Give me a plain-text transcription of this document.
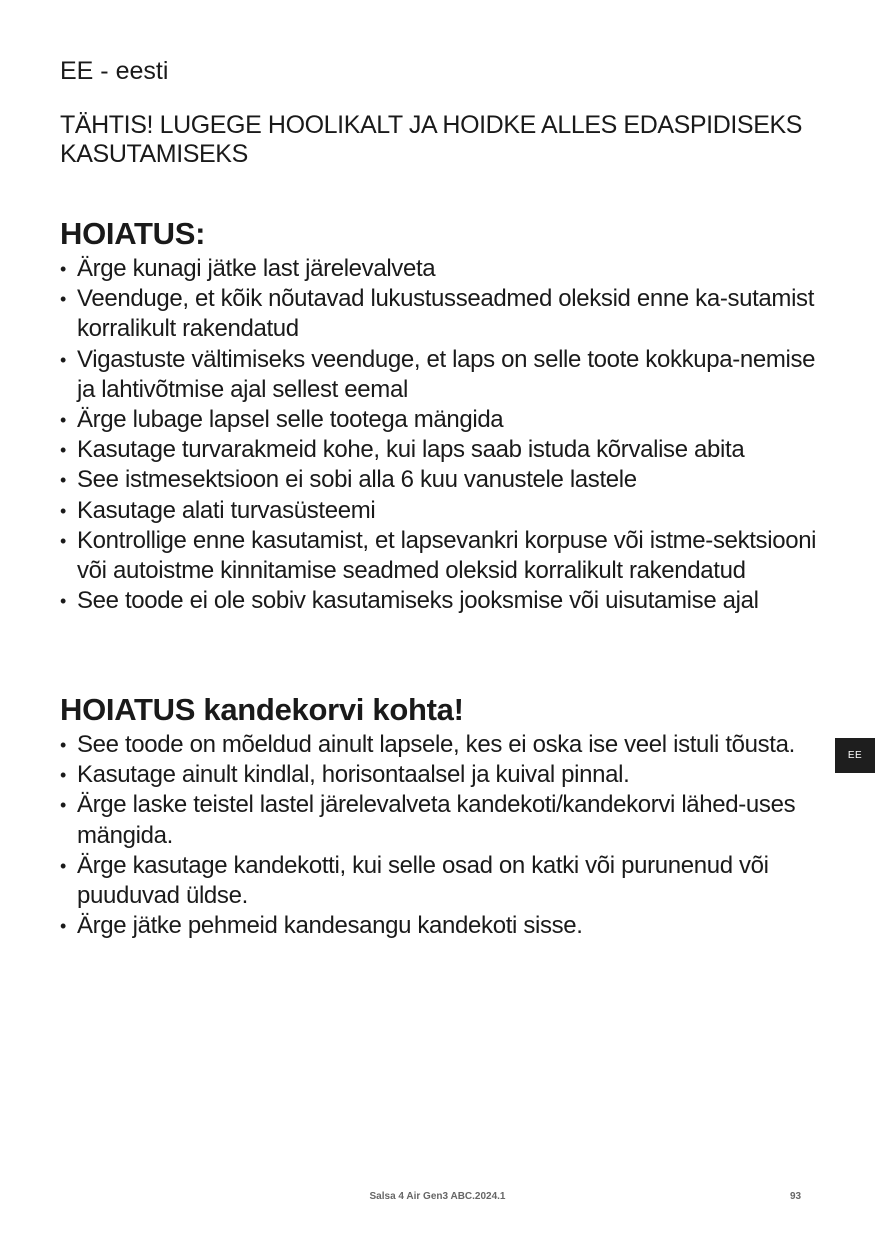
EE - eesti

TÄHTIS! LUGEGE HOOLIKALT JA HOIDKE ALLES EDASPIDISEKS KASUTAMISEKS

HOIATUS:
• Ärge kunagi jätke last järelevalveta
• Veenduge, et kõik nõutavad lukustusseadmed oleksid enne ka-sutamist korralikult rakendatud
• Vigastuste vältimiseks veenduge, et laps on selle toote kokkupa-nemise ja lahtivõtmise ajal sellest eemal
• Ärge lubage lapsel selle tootega mängida
• Kasutage turvarakmeid kohe, kui laps saab istuda kõrvalise abita
• See istmesektsioon ei sobi alla 6 kuu vanustele lastele
• Kasutage alati turvasüsteemi
• Kontrollige enne kasutamist, et lapsevankri korpuse või istme-sektsiooni või autoistme kinnitamise seadmed oleksid korralikult rakendatud
• See toode ei ole sobiv kasutamiseks jooksmise või uisutamise ajal
HOIATUS kandekorvi kohta!
• See toode on mõeldud ainult lapsele, kes ei oska ise veel istuli tõusta.
• Kasutage ainult kindlal, horisontaalsel ja kuival pinnal.
• Ärge laske teistel lastel järelevalveta kandekoti/kandekorvi lähed-uses mängida.
• Ärge kasutage kandekotti, kui selle osad on katki või purunenud või puuduvad üldse.
• Ärge jätke pehmeid kandesangu kandekoti sisse.
EE
Salsa 4 Air Gen3 ABC.2024.1	93
